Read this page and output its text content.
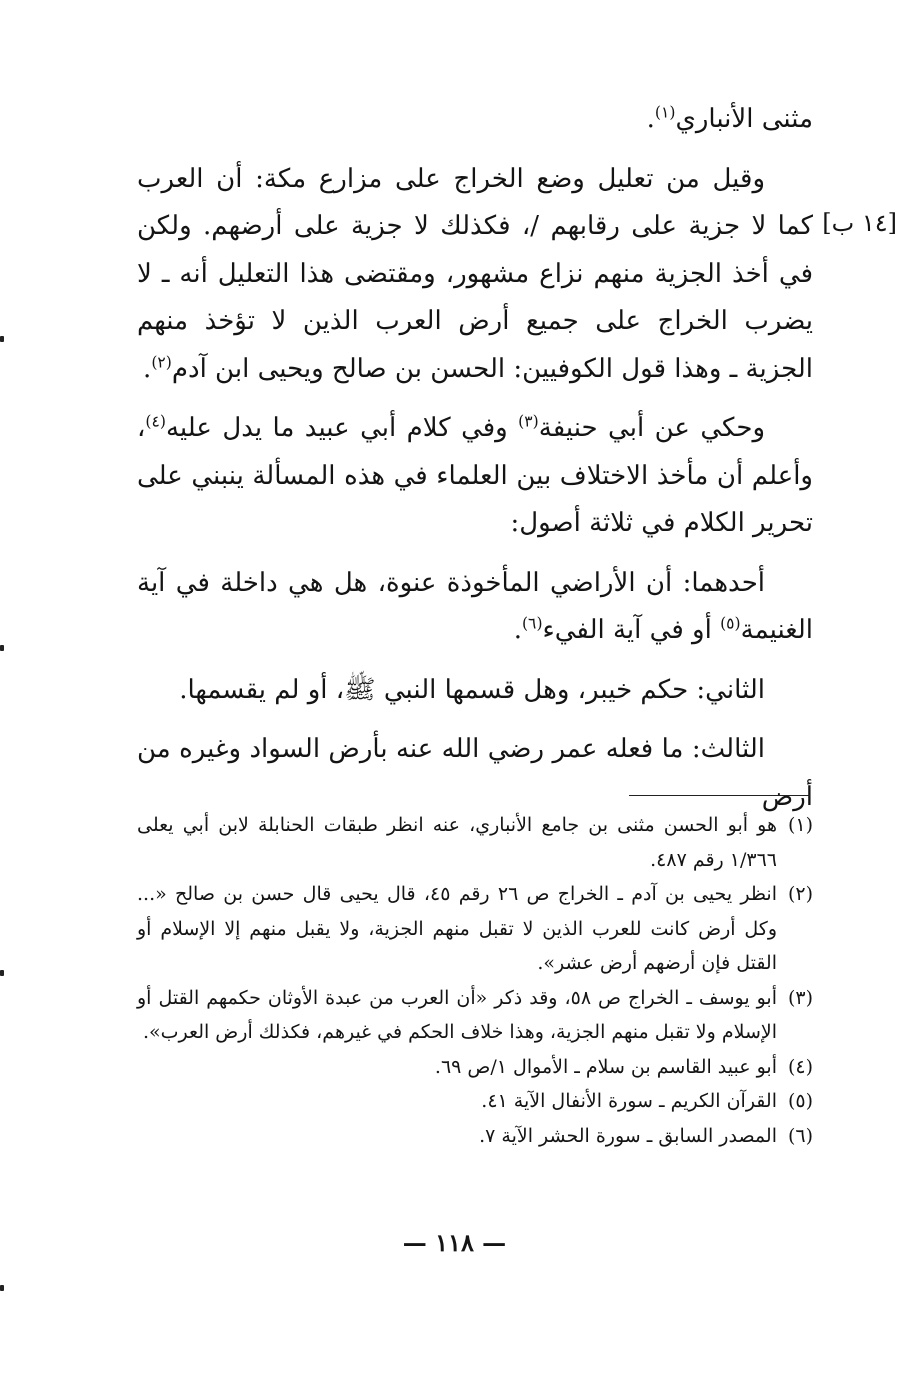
[١٤ ب]

مثنى الأنباري$^{(١)}$.

وقيل من تعليل وضع الخراج على مزارع مكة: أن العرب كما لا جزية على رقابهم /، فكذلك لا جزية على أرضهم. ولكن في أخذ الجزية منهم نزاع مشهور، ومقتضى هذا التعليل أنه ـ لا يضرب الخراج على جميع أرض العرب الذين لا تؤخذ منهم الجزية ـ وهذا قول الكوفيين: الحسن بن صالح ويحيى ابن آدم$^{(٢)}$.

وحكي عن أبي حنيفة$^{(٣)}$ وفي كلام أبي عبيد ما يدل عليه$^{(٤)}$، وأعلم أن مأخذ الاختلاف بين العلماء في هذه المسألة ينبني على تحرير الكلام في ثلاثة أصول:

أحدهما: أن الأراضي المأخوذة عنوة، هل هي داخلة في آية الغنيمة$^{(٥)}$ أو في آية الفيء$^{(٦)}$.

الثاني: حكم خيبر، وهل قسمها النبي ﷺ، أو لم يقسمها.

الثالث: ما فعله عمر رضي الله عنه بأرض السواد وغيره من أرض

(١)
هو أبو الحسن مثنى بن جامع الأنباري، عنه انظر طبقات الحنابلة لابن أبي يعلى ١/٣٦٦ رقم ٤٨٧.

(٢)
انظر يحيى بن آدم ـ الخراج ص ٢٦ رقم ٤٥، قال يحيى قال حسن بن صالح «... وكل أرض كانت للعرب الذين لا تقبل منهم الجزية، ولا يقبل منهم إلا الإسلام أو القتل فإن أرضهم أرض عشر».

(٣)
أبو يوسف ـ الخراج ص ٥٨، وقد ذكر «أن العرب من عبدة الأوثان حكمهم القتل أو الإسلام ولا تقبل منهم الجزية، وهذا خلاف الحكم في غيرهم، فكذلك أرض العرب».

(٤)
أبو عبيد القاسم بن سلام ـ الأموال ١/ص ٦٩.

(٥)
القرآن الكريم ـ سورة الأنفال الآية ٤١.

(٦)
المصدر السابق ـ سورة الحشر الآية ٧.

— ١١٨ —
